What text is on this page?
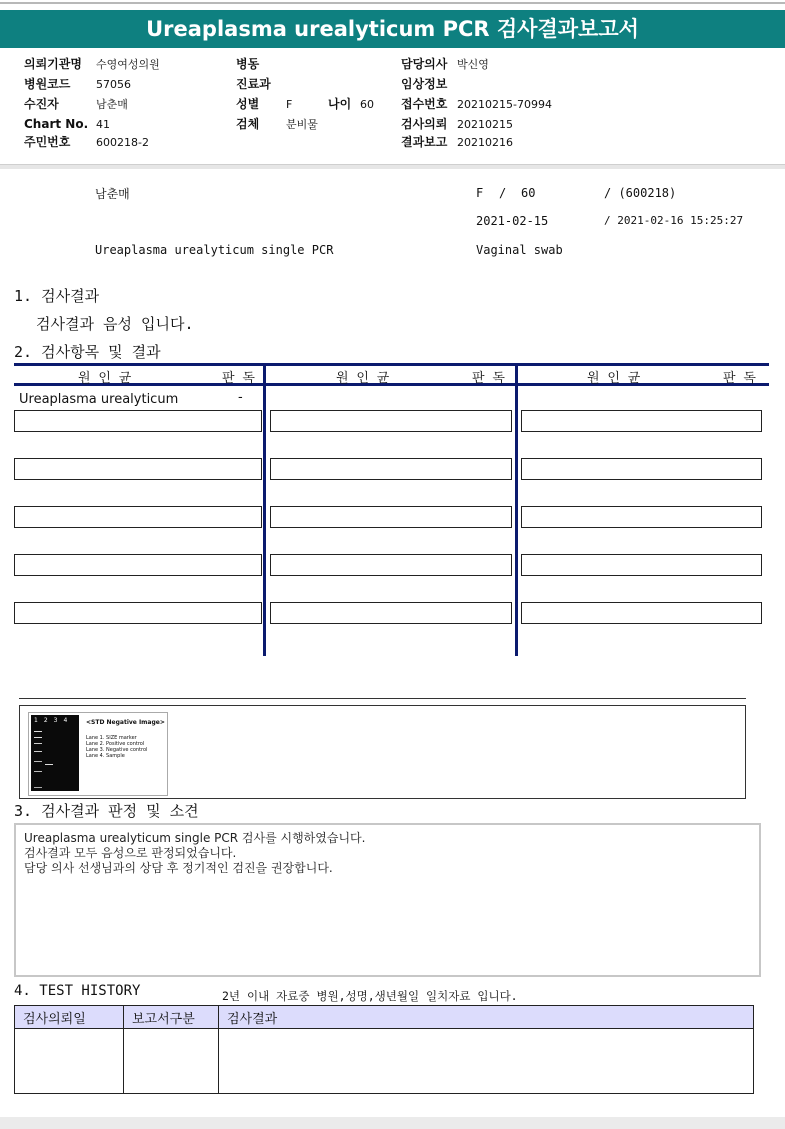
Ureaplasma urealyticum PCR 검사결과보고서
의뢰기관명 수영여성의원
병원코드 57056
수진자	남춘매
Chart No. 41
주민번호 600218-2
병동
진료과
성별 F	나이 60
검체 분비물
담당의사 박신영
임상정보
접수번호 20210215-70994
검사의뢰 20210215
결과보고 20210216
남춘매	F / 60	/ (600218)
2021-02-15	/ 2021-02-16 15:25:27
Ureaplasma urealyticum single PCR	Vaginal swab
1. 검사결과
검사결과 음성 입니다.
2. 검사항목 및 결과
원 인 균	판 독	원 인 균	판 독	원 인 균	판 독
Ureaplasma urealyticum	-
1234 <STD Negative Image>
Lane 1. SIZE marker
Lane 2. Positive control
Lane 3. Negative control
Lane 4. Sample
3. 검사결과 판정 및 소견
Ureaplasma urealyticum single PCR 검사를 시행하였습니다.
검사결과 모두 음성으로 판정되었습니다.
담당 의사 선생님과의 상담 후 정기적인 검진을 권장합니다.
4. TEST HISTORY	2년 이내 자료중 병원,성명,생년월일 일치자료 입니다.
검사의뢰일	보고서구분	검사결과
